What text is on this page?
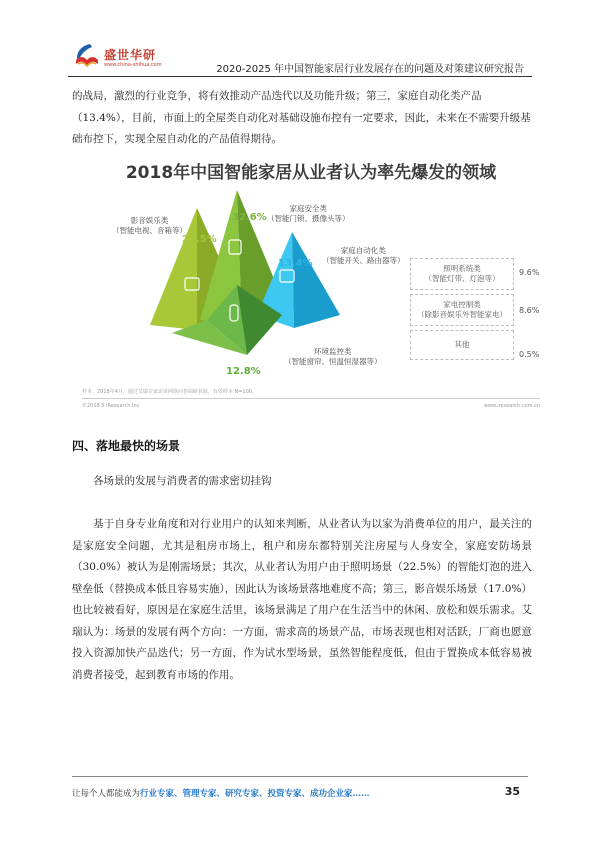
盛世华研
www.china-shihua.com	2020-2025 年中国智能家居行业发展存在的问题及对策建议研究报告
的战局，激烈的行业竞争，将有效推动产品迭代以及功能升级；第三，家庭自动化类产品
（13.4%），目前，市面上的全屋类自动化对基础设施布控有一定要求，因此，未来在不需要升级基
础布控下，实现全屋自动化的产品值得期待。
2018年中国智能家居从业者认为率先爆发的领域
影音娱乐类
（智能电视、音箱等）
22.5%
32.6%
家庭安全类
（智能门锁、摄像头等）
13.4%
家庭自动化类
（智能开关、路由器等）
12.8%
环境监控类
（智能窗帘、恒温恒湿器等）
照明系统类
（智能灯带、灯泡等）
9.6%
家电控制类
（除影音娱乐外智能家电）	8.6%
其他
0.5%
样本：2018年4月，通过艾瑞专家访谈网络问卷调研获取，有效样本 N=100。
©2018.5 iResearch Inc	www.iresearch.com.cn
四、落地最快的场景
各场景的发展与消费者的需求密切挂钩
基于自身专业角度和对行业用户的认知来判断，从业者认为以家为消费单位的用户，最关注的是家庭安全问题，尤其是租房市场上，租户和房东都特别关注房屋与人身安全，家庭安防场景（30.0%）被认为是刚需场景；其次，从业者认为用户由于照明场景（22.5%）的智能灯泡的进入壁垒低（替换成本低且容易实施），因此认为该场景落地难度不高；第三，影音娱乐场景（17.0%）也比较被看好，原因是在家庭生活里，该场景满足了用户在生活当中的休闲、放松和娱乐需求。艾瑞认为：场景的发展有两个方向：一方面，需求高的场景产品，市场表现也相对活跃，厂商也愿意投入资源加快产品迭代；另一方面，作为试水型场景，虽然智能程度低，但由于置换成本低容易被消费者接受，起到教育市场的作用。
让每个人都能成为行业专家、管理专家、研究专家、投资专家、成功企业家……	35
